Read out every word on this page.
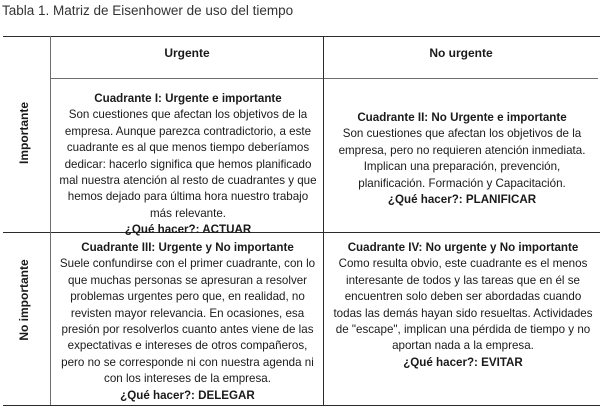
Tabla 1. Matriz de Eisenhower de uso del tiempo
Urgente	No urgente
Importante
No importante
Cuadrante I: Urgente e importante
Son cuestiones que afectan los objetivos de la empresa. Aunque parezca contradictorio, a este cuadrante es al que menos tiempo deberíamos dedicar: hacerlo significa que hemos planificado mal nuestra atención al resto de cuadrantes y que hemos dejado para última hora nuestro trabajo más relevante.
¿Qué hacer?: ACTUAR
Cuadrante II: No Urgente e importante
Son cuestiones que afectan los objetivos de la empresa, pero no requieren atención inmediata. Implican una preparación, prevención, planificación. Formación y Capacitación.
¿Qué hacer?: PLANIFICAR
Cuadrante III: Urgente y No importante
Suele confundirse con el primer cuadrante, con lo que muchas personas se apresuran a resolver problemas urgentes pero que, en realidad, no revisten mayor relevancia. En ocasiones, esa presión por resolverlos cuanto antes viene de las expectativas e intereses de otros compañeros, pero no se corresponde ni con nuestra agenda ni con los intereses de la empresa.
¿Qué hacer?: DELEGAR
Cuadrante IV: No urgente y No importante
Como resulta obvio, este cuadrante es el menos interesante de todos y las tareas que en él se encuentren solo deben ser abordadas cuando todas las demás hayan sido resueltas. Actividades de "escape", implican una pérdida de tiempo y no aportan nada a la empresa.
¿Qué hacer?: EVITAR
